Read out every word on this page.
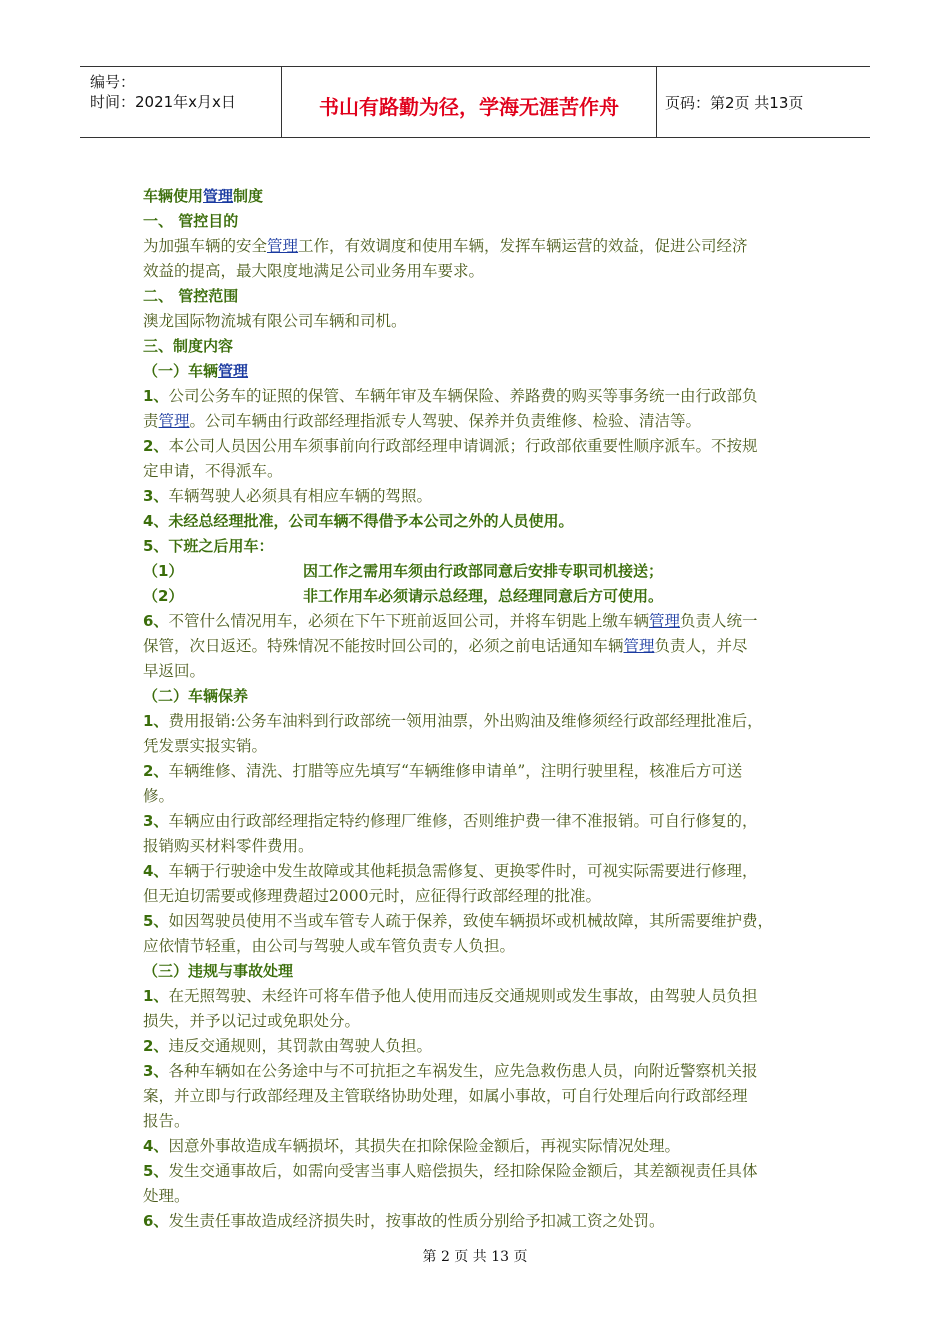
编号：
时间：2021年x月x日	书山有路勤为径，学海无涯苦作舟	页码：第2页 共13页

车辆使用管理制度

一、 管控目的

为加强车辆的安全管理工作，有效调度和使用车辆，发挥车辆运营的效益，促进公司经济

效益的提高，最大限度地满足公司业务用车要求。

二、 管控范围

澳龙国际物流城有限公司车辆和司机。

三、制度内容

（一）车辆管理

1、公司公务车的证照的保管、车辆年审及车辆保险、养路费的购买等事务统一由行政部负

责管理。公司车辆由行政部经理指派专人驾驶、保养并负责维修、检验、清洁等。

2、本公司人员因公用车须事前向行政部经理申请调派；行政部依重要性顺序派车。不按规

定申请，不得派车。

3、车辆驾驶人必须具有相应车辆的驾照。

4、未经总经理批准，公司车辆不得借予本公司之外的人员使用。

5、下班之后用车：

（1）	因工作之需用车须由行政部同意后安排专职司机接送；

（2）	非工作用车必须请示总经理，总经理同意后方可使用。

6、不管什么情况用车，必须在下午下班前返回公司，并将车钥匙上缴车辆管理负责人统一

保管，次日返还。特殊情况不能按时回公司的，必须之前电话通知车辆管理负责人，并尽

早返回。

（二）车辆保养

1、费用报销:公务车油料到行政部统一领用油票，外出购油及维修须经行政部经理批准后，

凭发票实报实销。

2、车辆维修、清洗、打腊等应先填写“车辆维修申请单”，注明行驶里程，核准后方可送

修。

3、车辆应由行政部经理指定特约修理厂维修，否则维护费一律不准报销。可自行修复的，

报销购买材料零件费用。

4、车辆于行驶途中发生故障或其他耗损急需修复、更换零件时，可视实际需要进行修理，

但无迫切需要或修理费超过2000元时，应征得行政部经理的批准。

5、如因驾驶员使用不当或车管专人疏于保养，致使车辆损坏或机械故障，其所需要维护费，

应依情节轻重，由公司与驾驶人或车管负责专人负担。

（三）违规与事故处理

1、在无照驾驶、未经许可将车借予他人使用而违反交通规则或发生事故，由驾驶人员负担

损失，并予以记过或免职处分。

2、违反交通规则，其罚款由驾驶人负担。

3、各种车辆如在公务途中与不可抗拒之车祸发生，应先急救伤患人员，向附近警察机关报

案，并立即与行政部经理及主管联络协助处理，如属小事故，可自行处理后向行政部经理

报告。

4、因意外事故造成车辆损坏，其损失在扣除保险金额后，再视实际情况处理。

5、发生交通事故后，如需向受害当事人赔偿损失，经扣除保险金额后，其差额视责任具体

处理。

6、发生责任事故造成经济损失时，按事故的性质分别给予扣减工资之处罚。

第 2 页 共 13 页
